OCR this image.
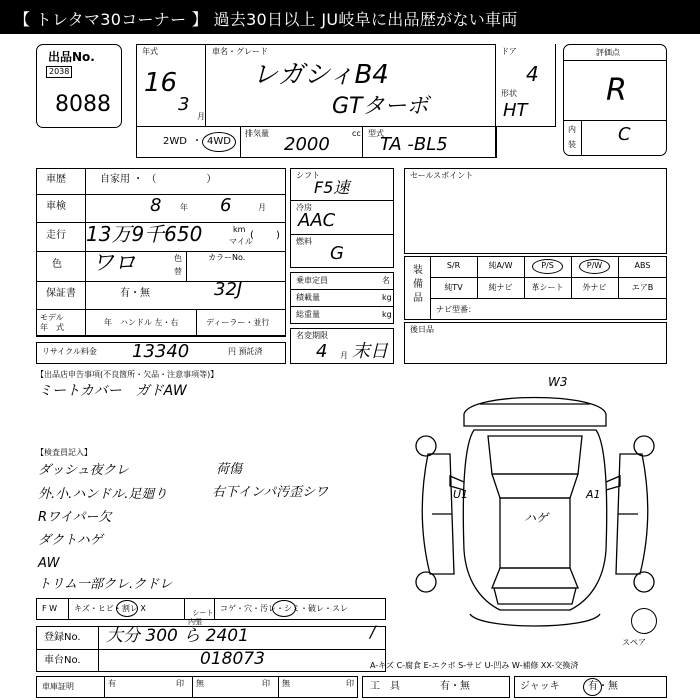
【 トレタマ30コーナー 】 過去30日以上 JU岐阜に出品歴がない車両
出品No.
2038
8088
年式
16
3
月
車名・グレード
レガシィB4
GTターボ
ドア
4
形状
HT
評価点
R
内
装 C
2WD ・ 4WD
排気量
2000
cc 型式
TA -BL5
車歴	自家用 ・ （　　　　　）
車検	8 年 6	月
走行 13万9千650	km
マイル
( )
色 ワロ	色
替
カラーNo.
32J
保証書	有・無
モデル
年　式
年 ハンドル 左・右	ディーラー・並行
リサイクル料金 13340	円 預託済
シフト
F5速
冷房
AAC
燃料
G
乗車定員	名
積載量	kg
総重量	kg
名変期限
4 月 末日
セールスポイント
装備品
S/R	純A/W	P/S	P/W	ABS
純TV	純ナビ	革シート	外ナビ	エアB
ナビ型番：
後日品
【出品店申告事項(不良箇所・欠品・注意事項等)】
ミートカバー　ガドAW
【検査員記入】
ダッシュ夜クレ
外.小.ハンドル.足廻り
Rワイパー欠
ダクトハゲ
AW
トリム一部クレ.クドレ
荷傷
右下インパ汚歪シワ
W3
U1	A1
ハゲ
スペア
F W キズ・ヒビ・割レ X	シート
内張

コゲ・穴・汚レ・シミ・破レ・スレ
登録No. 大分 300 ら 2401	/
車台No.	018073	A-キズ C-腐食 E-エクボ S-サビ U-凹み W-補修 XX-交換済
車庫証明	有	印 無	印 無	印 工　具	有・無	ジャッキ	有・無
